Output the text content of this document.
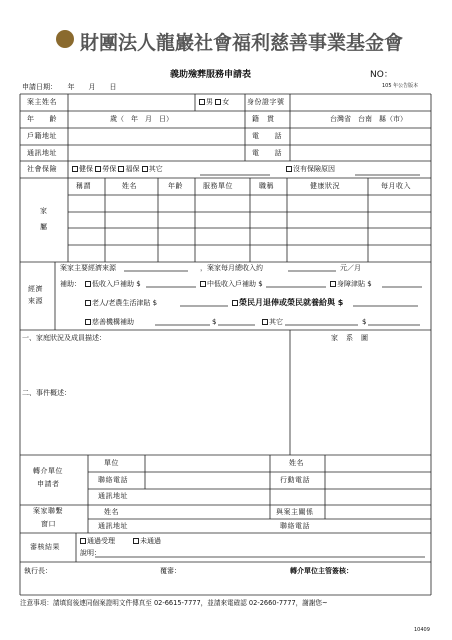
財團法人龍巖社會福利慈善事業基金會
義助殮葬服務申請表	NO：
105 年公告版本
申請日期：　　年　　月　　日
案主姓名	男 女	身份證字號
年　　齡	歲（　年　月　日）	籍　貫	台灣省　台南　縣（市）
戶籍地址	電　　話
通訊地址	電　　話
社會保險	健保 勞保 福保 其它	沒有保險原因
家
屬
稱謂	姓名	年齡	服務單位	職稱	健康狀況	每月收入
經濟
來源
案家主要經濟來源	，案家每月總收入約	元／月
補助：	低收入戶補助 $	中低收入戶補助 $	身障津貼 $
老人/老農生活津貼 $	榮民月退俸或榮民就養給與 $
慈善機構補助	$	其它	$
一、家庭狀況及成員描述：	家　系　圖
二、事件概述：
轉介單位
申請者
單位	姓名
聯絡電話	行動電話
通訊地址
案家聯繫
窗口
姓名	與案主關係
通訊地址	聯絡電話
審核結果
通過受理	未通過
說明：
執行長：	覆審：	轉介單位主管簽核：
注意事項：請填寫後連同個案證明文件傳真至 02-6615-7777，並請來電確認 02-2660-7777，謝謝您~
10409
